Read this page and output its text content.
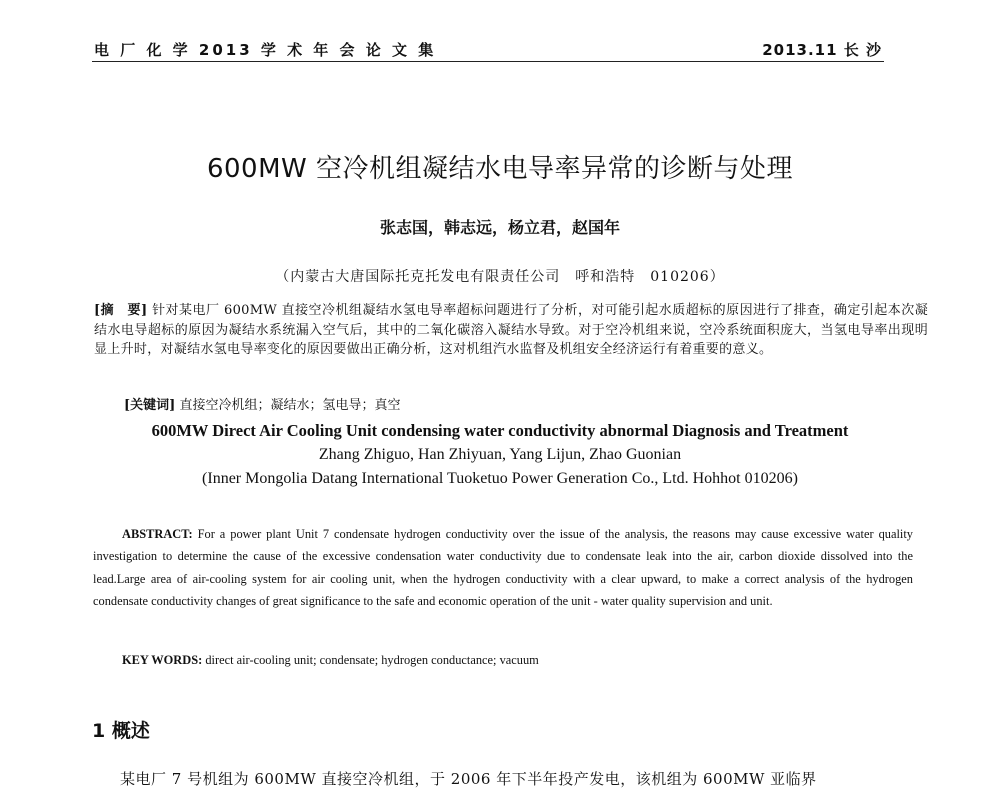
电 厂 化 学 2013 学 术 年 会 论 文 集	2013.11 长 沙
600MW 空冷机组凝结水电导率异常的诊断与处理
张志国，韩志远，杨立君，赵国年
（内蒙古大唐国际托克托发电有限责任公司　呼和浩特　010206）
[摘　要] 针对某电厂 600MW 直接空冷机组凝结水氢电导率超标问题进行了分析，对可能引起水质超标的原因进行了排查，确定引起本次凝结水电导超标的原因为凝结水系统漏入空气后，其中的二氧化碳溶入凝结水导致。对于空冷机组来说，空冷系统面积庞大，当氢电导率出现明显上升时，对凝结水氢电导率变化的原因要做出正确分析，这对机组汽水监督及机组安全经济运行有着重要的意义。
[关键词] 直接空冷机组；凝结水；氢电导；真空
600MW Direct Air Cooling Unit condensing water conductivity abnormal Diagnosis and Treatment
Zhang Zhiguo, Han Zhiyuan, Yang Lijun, Zhao Guonian
(Inner Mongolia Datang International Tuoketuo Power Generation Co., Ltd. Hohhot 010206)
ABSTRACT: For a power plant Unit 7 condensate hydrogen conductivity over the issue of the analysis, the reasons may cause excessive water quality investigation to determine the cause of the excessive condensation water conductivity due to condensate leak into the air, carbon dioxide dissolved into the lead.Large area of air-cooling system for air cooling unit, when the hydrogen conductivity with a clear upward, to make a correct analysis of the hydrogen condensate conductivity changes of great significance to the safe and economic operation of the unit - water quality supervision and unit.
KEY WORDS: direct air-cooling unit; condensate; hydrogen conductance; vacuum
1 概述
某电厂 7 号机组为 600MW 直接空冷机组，于 2006 年下半年投产发电，该机组为 600MW 亚临界
